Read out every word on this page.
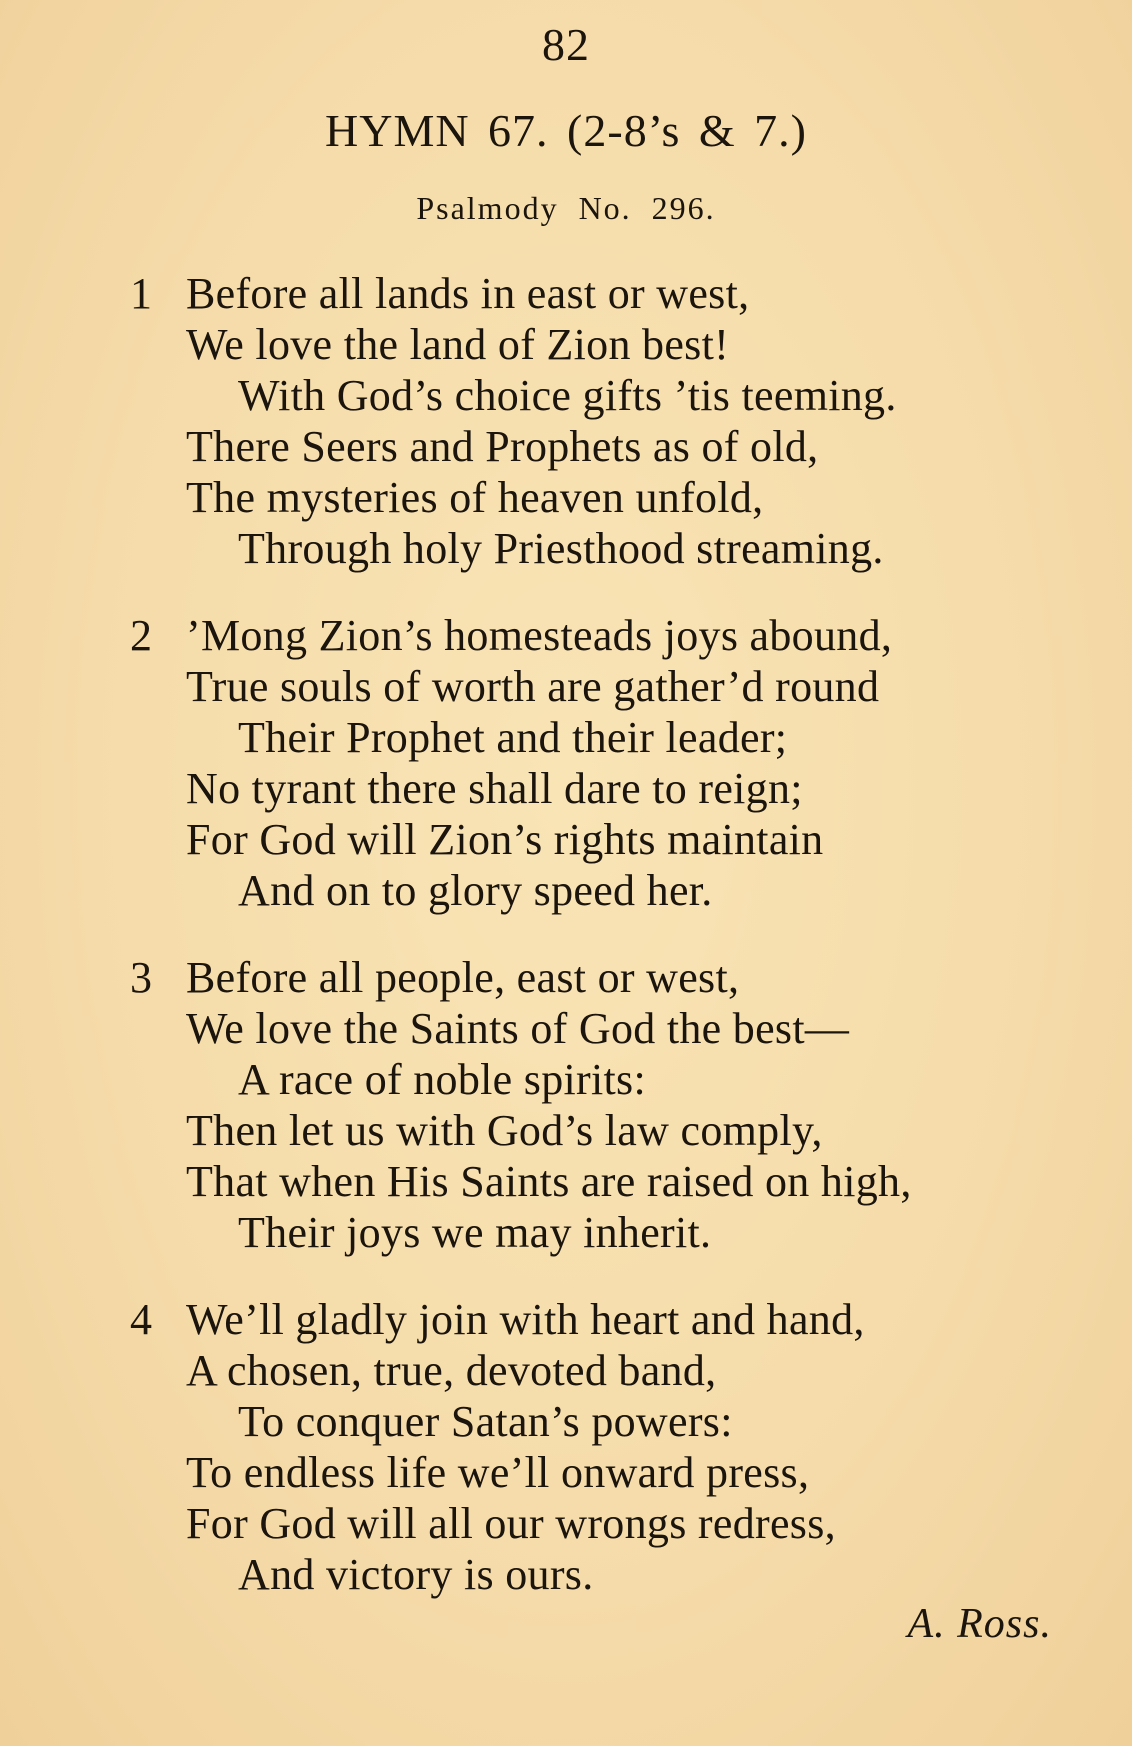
82
HYMN 67. (2-8’s & 7.)
Psalmody No. 296.
1 Before all lands in east or west,
We love the land of Zion best!
With God’s choice gifts ’tis teeming.
There Seers and Prophets as of old,
The mysteries of heaven unfold,
Through holy Priesthood streaming.
2 ’Mong Zion’s homesteads joys abound,
True souls of worth are gather’d round
Their Prophet and their leader;
No tyrant there shall dare to reign;
For God will Zion’s rights maintain
And on to glory speed her.
3 Before all people, east or west,
We love the Saints of God the best—
A race of noble spirits:
Then let us with God’s law comply,
That when His Saints are raised on high,
Their joys we may inherit.
4 We’ll gladly join with heart and hand,
A chosen, true, devoted band,
To conquer Satan’s powers:
To endless life we’ll onward press,
For God will all our wrongs redress,
And victory is ours.
A. Ross.
